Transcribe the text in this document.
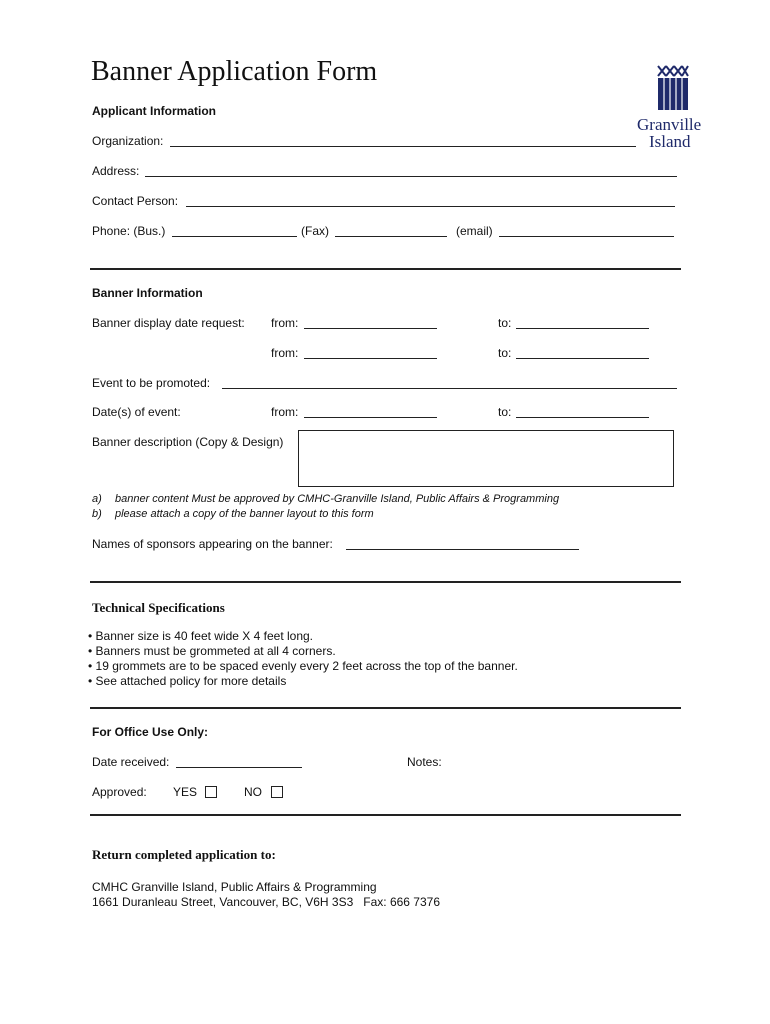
Banner Application Form
Granville
Island
Applicant Information
Organization:
Address:
Contact Person:
Phone: (Bus.)	(Fax)	(email)
Banner Information
Banner display date request: from:	to:
from:	to:
Event to be promoted:
Date(s) of event:	from:	to:
Banner description (Copy & Design)
a) banner content Must be approved by CMHC-Granville Island, Public Affairs & Programming
b) please attach a copy of the banner layout to this form
Names of sponsors appearing on the banner:
Technical Specifications
• Banner size is 40 feet wide X 4 feet long.
• Banners must be grommeted at all 4 corners.
• 19 grommets are to be spaced evenly every 2 feet across the top of the banner.
• See attached policy for more details
For Office Use Only:
Date received:	Notes:
Approved: YES	NO
Return completed application to:
CMHC Granville Island, Public Affairs & Programming
1661 Duranleau Street, Vancouver, BC, V6H 3S3   Fax: 666 7376
